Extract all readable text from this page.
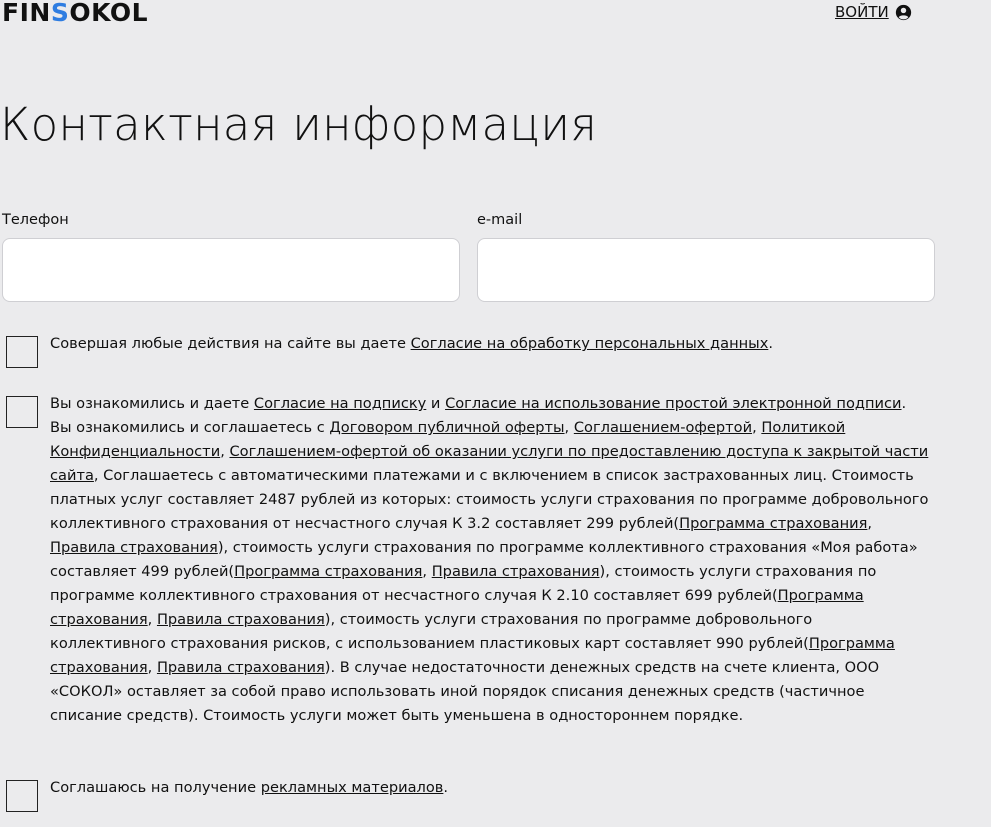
FINSOKOL	ВОЙТИ
Контактная информация
Телефон	e-mail
Совершая любые действия на сайте вы даете Согласие на обработку персональных данных.
Вы ознакомились и даете Согласие на подписку и Согласие на использование простой электронной подписи. Вы ознакомились и соглашаетесь с Договором публичной оферты, Соглашением-офертой, Политикой Конфиденциальности, Соглашением-офертой об оказании услуги по предоставлению доступа к закрытой части сайта, Соглашаетесь с автоматическими платежами и с включением в список застрахованных лиц. Стоимость платных услуг составляет 2487 рублей из которых: стоимость услуги страхования по программе добровольного коллективного страхования от несчастного случая К 3.2 составляет 299 рублей(Программа страхования, Правила страхования), стоимость услуги страхования по программе коллективного страхования «Моя работа» составляет 499 рублей(Программа страхования, Правила страхования), стоимость услуги страхования по программе коллективного страхования от несчастного случая К 2.10 составляет 699 рублей(Программа страхования, Правила страхования), стоимость услуги страхования по программе добровольного коллективного страхования рисков, с использованием пластиковых карт составляет 990 рублей(Программа страхования, Правила страхования). В случае недостаточности денежных средств на счете клиента, ООО «СОКОЛ» оставляет за собой право использовать иной порядок списания денежных средств (частичное списание средств). Стоимость услуги может быть уменьшена в одностороннем порядке.
Соглашаюсь на получение рекламных материалов.
